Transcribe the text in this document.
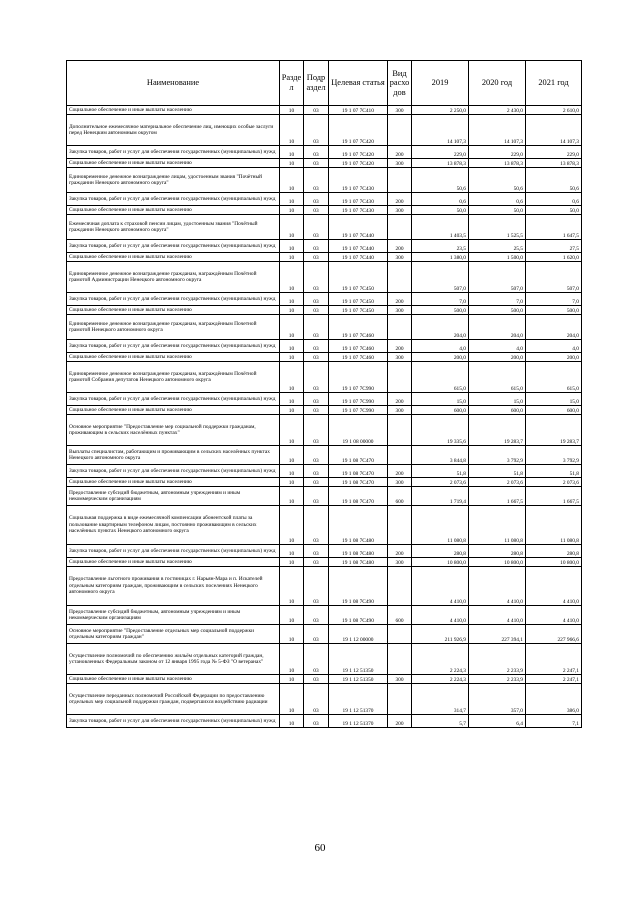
Наименование	Разде л	Подр аздел	Целевая статья	Вид расхо дов	2019	2020 год	2021 год
Социальное обеспечение и иные выплаты населению	10	03	19 1 07 7С410	300	2 250,0	2 430,0	2 610,0
Дополнительное ежемесячное материальное обеспечение лиц, имеющих особые заслуги перед Ненецким автономным округом	10	03	19 1 07 7С420		14 107,3	14 107,3	14 107,3
Закупка товаров, работ и услуг для обеспечения государственных (муниципальных) нужд	10	03	19 1 07 7С420	200	229,0	229,0	229,0
Социальное обеспечение и иные выплаты населению	10	03	19 1 07 7С420	300	13 878,3	13 878,3	13 878,3
Единовременное денежное вознаграждение лицам, удостоенным звания "Почётный гражданин Ненецкого автономного округа"	10	03	19 1 07 7С430		50,6	50,6	50,6
Закупка товаров, работ и услуг для обеспечения государственных (муниципальных) нужд	10	03	19 1 07 7С430	200	0,6	0,6	0,6
Социальное обеспечение и иные выплаты населению	10	03	19 1 07 7С430	300	50,0	50,0	50,0
Ежемесячная доплата к страховой пенсии лицам, удостоенным звания "Почётный гражданин Ненецкого автономного округа"	10	03	19 1 07 7С440		1 403,5	1 525,5	1 647,5
Закупка товаров, работ и услуг для обеспечения государственных (муниципальных) нужд	10	03	19 1 07 7С440	200	23,5	25,5	27,5
Социальное обеспечение и иные выплаты населению	10	03	19 1 07 7С440	300	1 380,0	1 500,0	1 620,0
Единовременное денежное вознаграждение гражданам, награждённым Почётной грамотой Администрации Ненецкого автономного округа	10	03	19 1 07 7С450		507,0	507,0	507,0
Закупка товаров, работ и услуг для обеспечения государственных (муниципальных) нужд	10	03	19 1 07 7С450	200	7,0	7,0	7,0
Социальное обеспечение и иные выплаты населению	10	03	19 1 07 7С450	300	500,0	500,0	500,0
Единовременное денежное вознаграждение гражданам, награждённым Почетной грамотой Ненецкого автономного округа	10	03	19 1 07 7С460		204,0	204,0	204,0
Закупка товаров, работ и услуг для обеспечения государственных (муниципальных) нужд	10	03	19 1 07 7С460	200	4,0	4,0	4,0
Социальное обеспечение и иные выплаты населению	10	03	19 1 07 7С460	300	200,0	200,0	200,0
Единовременное денежное вознаграждение гражданам, награждённым Почётной грамотой Собрания депутатов Ненецкого автономного округа	10	03	19 1 07 7С990		615,0	615,0	615,0
Закупка товаров, работ и услуг для обеспечения государственных (муниципальных) нужд	10	03	19 1 07 7С990	200	15,0	15,0	15,0
Социальное обеспечение и иные выплаты населению	10	03	19 1 07 7С990	300	600,0	600,0	600,0
Основное мероприятие "Предоставление мер социальной поддержки гражданам, проживающим в сельских населённых пунктах"	10	03	19 1 08 00000		19 335,6	19 283,7	19 283,7
Выплаты специалистам, работающим и проживающим в сельских населённых пунктах Ненецкого автономного округа	10	03	19 1 08 7С470		3 844,8	3 792,9	3 792,9
Закупка товаров, работ и услуг для обеспечения государственных (муниципальных) нужд	10	03	19 1 08 7С470	200	51,8	51,8	51,8
Социальное обеспечение и иные выплаты населению	10	03	19 1 08 7С470	300	2 073,6	2 073,6	2 073,6
Предоставление субсидий бюджетным, автономным учреждениям и иным некоммерческим организациям	10	03	19 1 08 7С470	600	1 719,4	1 667,5	1 667,5
Социальная поддержка в виде ежемесячной компенсации абонентской платы за пользование квартирным телефоном лицам, постоянно проживающим в сельских населённых пунктах Ненецкого автономного округа	10	03	19 1 08 7С480		11 080,8	11 080,8	11 080,8
Закупка товаров, работ и услуг для обеспечения государственных (муниципальных) нужд	10	03	19 1 08 7С480	200	280,8	280,8	280,8
Социальное обеспечение и иные выплаты населению	10	03	19 1 08 7С480	300	10 800,0	10 800,0	10 800,0
Предоставление льготного проживания в гостиницах г. Нарьян-Мара и п. Искателей отдельным категориям граждан, проживающим в сельских поселениях Ненецкого автономного округа	10	03	19 1 08 7С490		4 410,0	4 410,0	4 410,0
Предоставление субсидий бюджетным, автономным учреждениям и иным некоммерческим организациям	10	03	19 1 08 7С490	600	4 410,0	4 410,0	4 410,0
Основное мероприятие "Предоставление отдельных мер социальной поддержки отдельным категориям граждан"	10	03	19 1 12 00000		211 926,9	227 394,1	227 966,6
Осуществление полномочий по обеспечению жильём отдельных категорий граждан, установленных Федеральным законом от 12 января 1995 года № 5-ФЗ "О ветеранах"	10	03	19 1 12 51350		2 224,3	2 233,9	2 247,1
Социальное обеспечение и иные выплаты населению	10	03	19 1 12 51350	300	2 224,3	2 233,9	2 247,1
Осуществление переданных полномочий Российской Федерации по предоставлению отдельных мер социальной поддержки граждан, подвергшихся воздействию радиации	10	03	19 1 12 51370		314,7	357,0	386,0
Закупка товаров, работ и услуг для обеспечения государственных (муниципальных) нужд	10	03	19 1 12 51370	200	5,7	6,4	7,1
60
